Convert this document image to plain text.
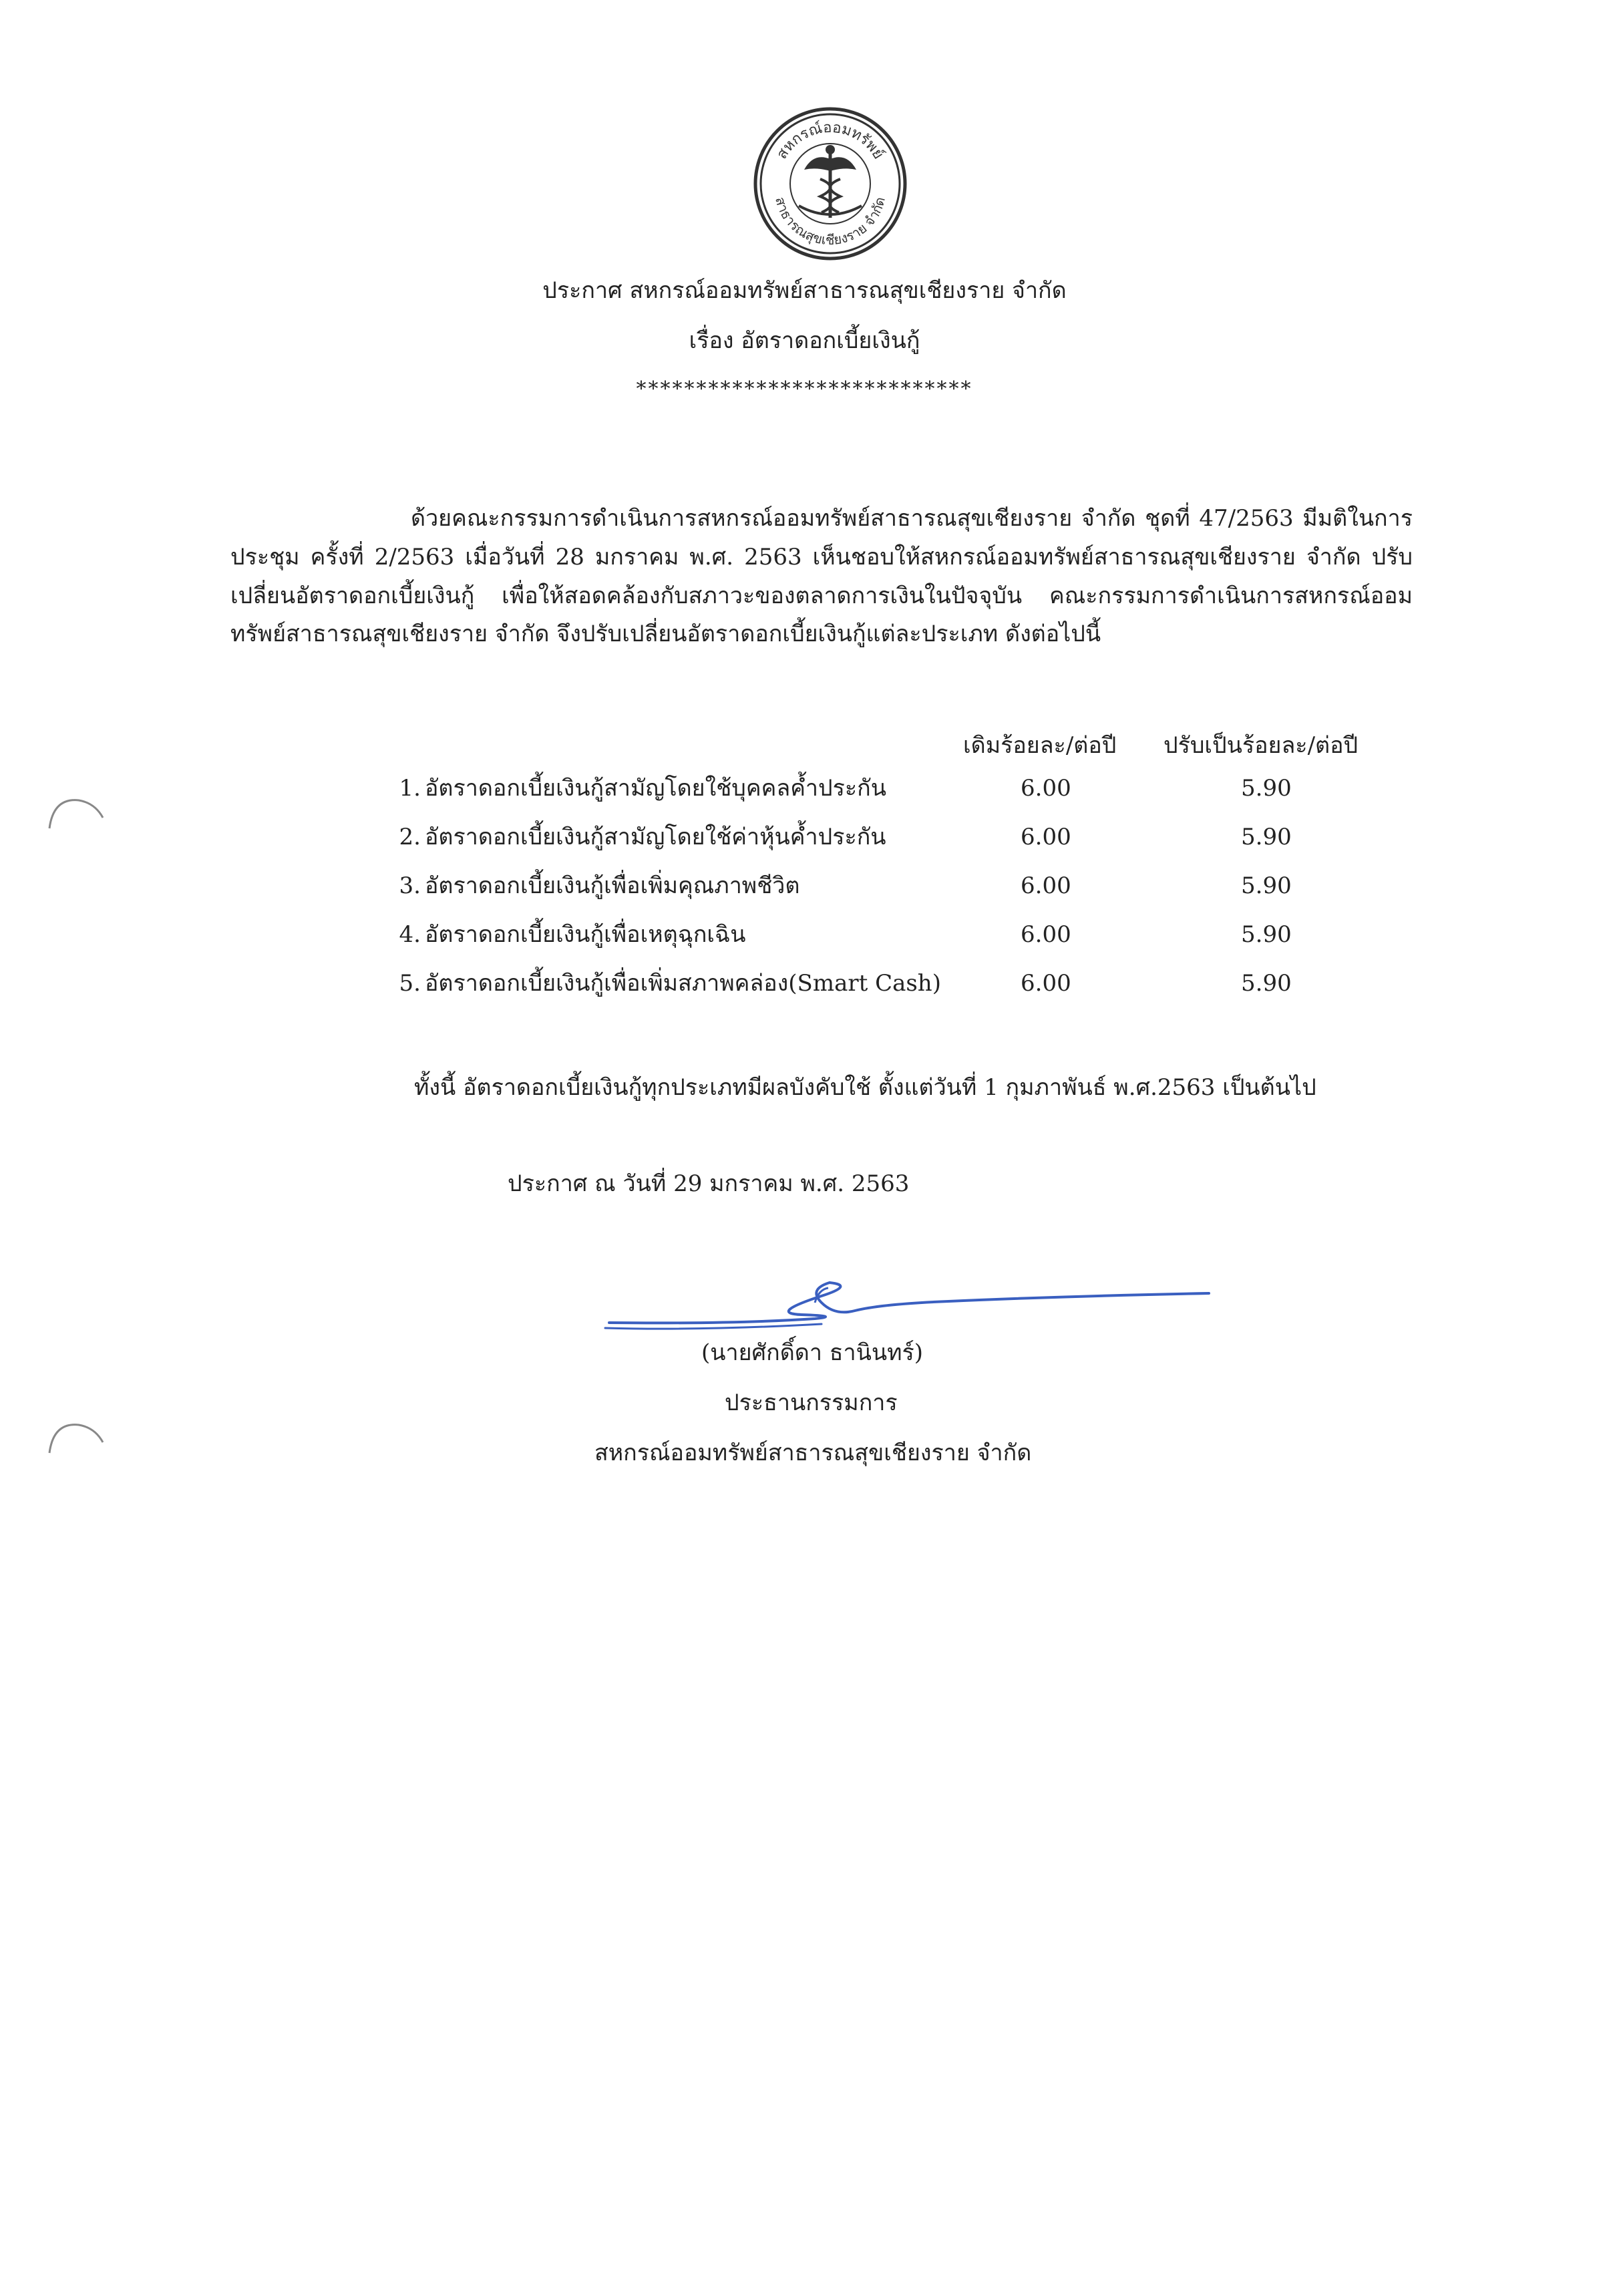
สหกรณ์ออมทรัพย์
สาธารณสุขเชียงราย จำกัด
ประกาศ สหกรณ์ออมทรัพย์สาธารณสุขเชียงราย จำกัด
เรื่อง อัตราดอกเบี้ยเงินกู้
****************************
ด้วยคณะกรรมการดำเนินการสหกรณ์ออมทรัพย์สาธารณสุขเชียงราย จำกัด ชุดที่ 47/2563 มีมติในการประชุม ครั้งที่ 2/2563 เมื่อวันที่ 28 มกราคม พ.ศ. 2563 เห็นชอบให้สหกรณ์ออมทรัพย์สาธารณสุขเชียงราย จำกัด ปรับเปลี่ยนอัตราดอกเบี้ยเงินกู้ เพื่อให้สอดคล้องกับสภาวะของตลาดการเงินในปัจจุบัน คณะกรรมการดำเนินการสหกรณ์ออมทรัพย์สาธารณสุขเชียงราย จำกัด จึงปรับเปลี่ยนอัตราดอกเบี้ยเงินกู้แต่ละประเภท ดังต่อไปนี้
เดิมร้อยละ/ต่อปี ปรับเป็นร้อยละ/ต่อปี
1. อัตราดอกเบี้ยเงินกู้สามัญโดยใช้บุคคลค้ำประกัน	6.00	5.90
2. อัตราดอกเบี้ยเงินกู้สามัญโดยใช้ค่าหุ้นค้ำประกัน	6.00	5.90
3. อัตราดอกเบี้ยเงินกู้เพื่อเพิ่มคุณภาพชีวิต	6.00	5.90
4. อัตราดอกเบี้ยเงินกู้เพื่อเหตุฉุกเฉิน	6.00	5.90
5. อัตราดอกเบี้ยเงินกู้เพื่อเพิ่มสภาพคล่อง(Smart Cash)	6.00	5.90
ทั้งนี้ อัตราดอกเบี้ยเงินกู้ทุกประเภทมีผลบังคับใช้ ตั้งแต่วันที่ 1 กุมภาพันธ์ พ.ศ.2563 เป็นต้นไป
ประกาศ ณ วันที่ 29 มกราคม พ.ศ. 2563
(นายศักดิ์ดา ธานินทร์)
ประธานกรรมการ
สหกรณ์ออมทรัพย์สาธารณสุขเชียงราย จำกัด
